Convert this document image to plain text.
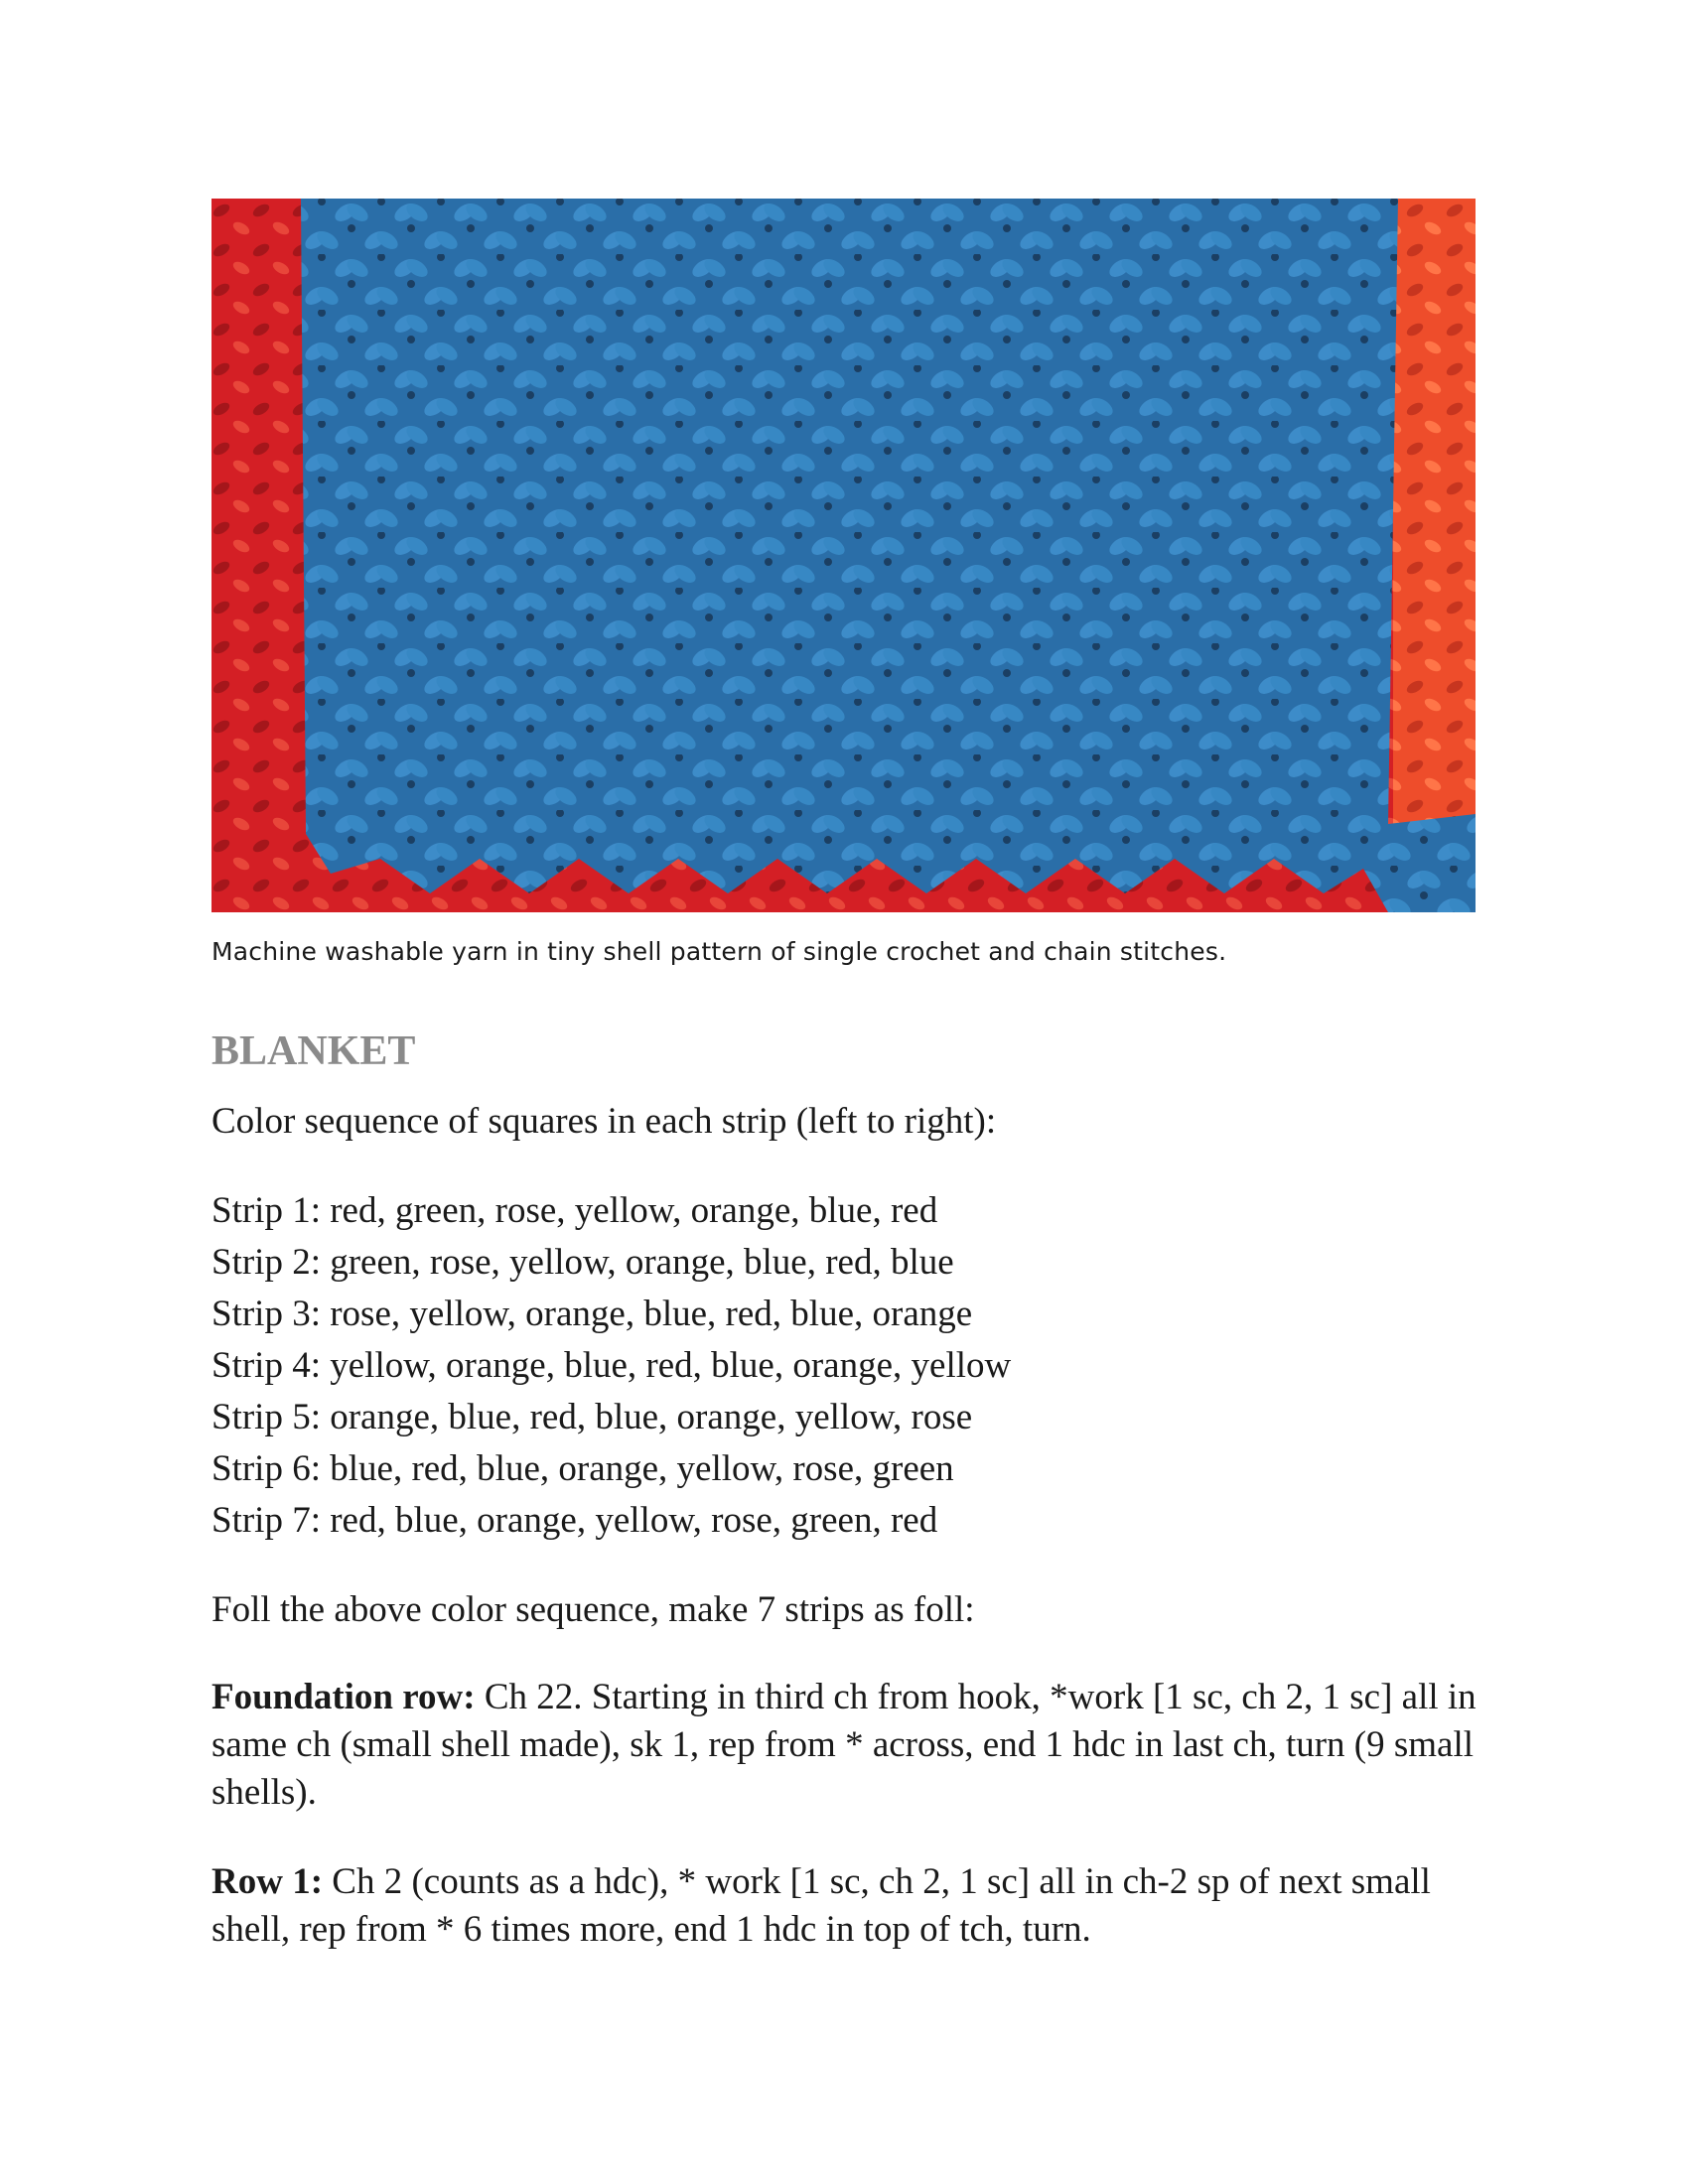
Machine washable yarn in tiny shell pattern of single crochet and chain stitches.
BLANKET
Color sequence of squares in each strip (left to right):
Strip 1: red, green, rose, yellow, orange, blue, red
Strip 2: green, rose, yellow, orange, blue, red, blue
Strip 3: rose, yellow, orange, blue, red, blue, orange
Strip 4: yellow, orange, blue, red, blue, orange, yellow
Strip 5: orange, blue, red, blue, orange, yellow, rose
Strip 6: blue, red, blue, orange, yellow, rose, green
Strip 7: red, blue, orange, yellow, rose, green, red
Foll the above color sequence, make 7 strips as foll:
Foundation row: Ch 22. Starting in third ch from hook, *work [1 sc, ch 2, 1 sc] all in same ch (small shell made), sk 1, rep from * across, end 1 hdc in last ch, turn (9 small shells).
Row 1: Ch 2 (counts as a hdc), * work [1 sc, ch 2, 1 sc] all in ch-2 sp of next small shell, rep from * 6 times more, end 1 hdc in top of tch, turn.
